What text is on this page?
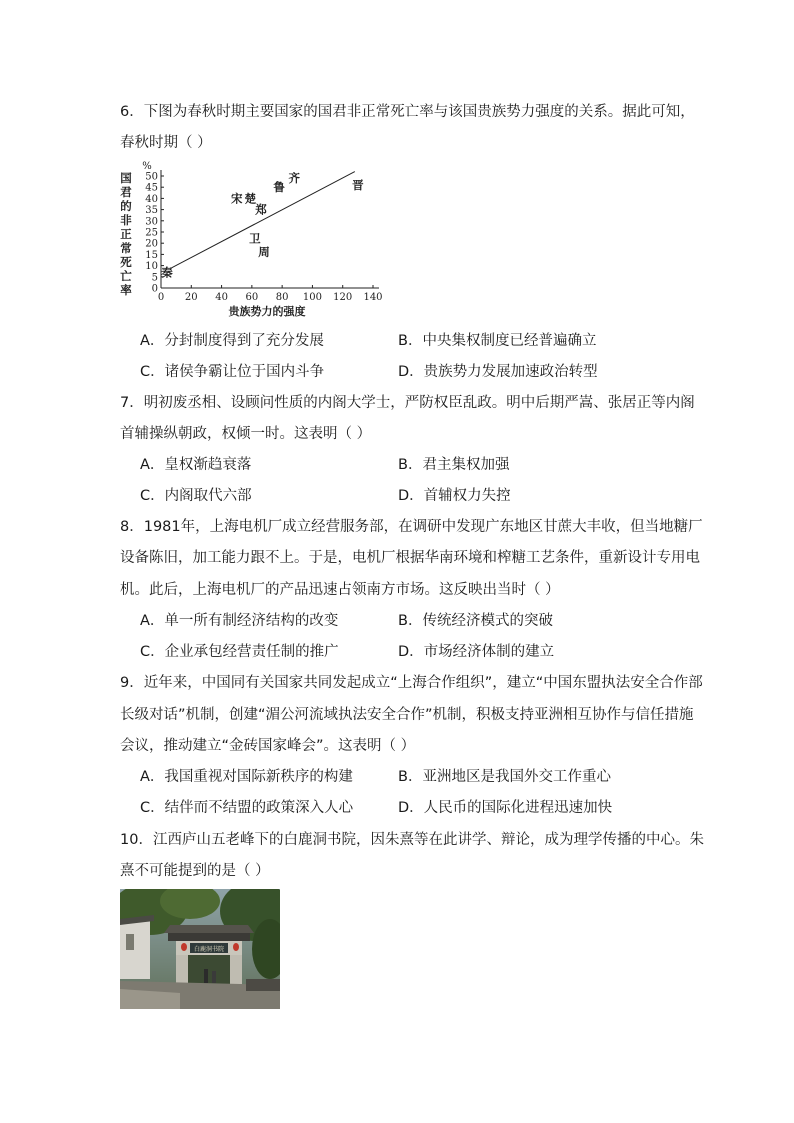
6．下图为春秋时期主要国家的国君非正常死亡率与该国贵族势力强度的关系。据此可知，
春秋时期（ ）
0 20 40 60 80 100 120 140
0
5
10
15
20
25
30
35
40
45
50
%
国
君
的
非
正
常
死
亡
率
贵族势力的强度
秦
卫
周
宋 楚
郑
鲁
齐	晋
A．分封制度得到了充分发展	B．中央集权制度已经普遍确立
C．诸侯争霸让位于国内斗争	D．贵族势力发展加速政治转型
7．明初废丞相、设顾问性质的内阁大学士，严防权臣乱政。明中后期严嵩、张居正等内阁
首辅操纵朝政，权倾一时。这表明（ ）
A．皇权渐趋衰落	B．君主集权加强
C．内阁取代六部	D．首辅权力失控
8．1981年，上海电机厂成立经营服务部，在调研中发现广东地区甘蔗大丰收，但当地糖厂
设备陈旧，加工能力跟不上。于是，电机厂根据华南环境和榨糖工艺条件，重新设计专用电
机。此后，上海电机厂的产品迅速占领南方市场。这反映出当时（ ）
A．单一所有制经济结构的改变	B．传统经济模式的突破
C．企业承包经营责任制的推广	D．市场经济体制的建立
9．近年来，中国同有关国家共同发起成立“上海合作组织”，建立“中国东盟执法安全合作部
长级对话”机制，创建“湄公河流域执法安全合作”机制，积极支持亚洲相互协作与信任措施
会议，推动建立“金砖国家峰会”。这表明（ ）
A．我国重视对国际新秩序的构建	B．亚洲地区是我国外交工作重心
C．结伴而不结盟的政策深入人心	D．人民币的国际化进程迅速加快
10．江西庐山五老峰下的白鹿洞书院，因朱熹等在此讲学、辩论，成为理学传播的中心。朱
熹不可能提到的是（ ）
白鹿洞书院
